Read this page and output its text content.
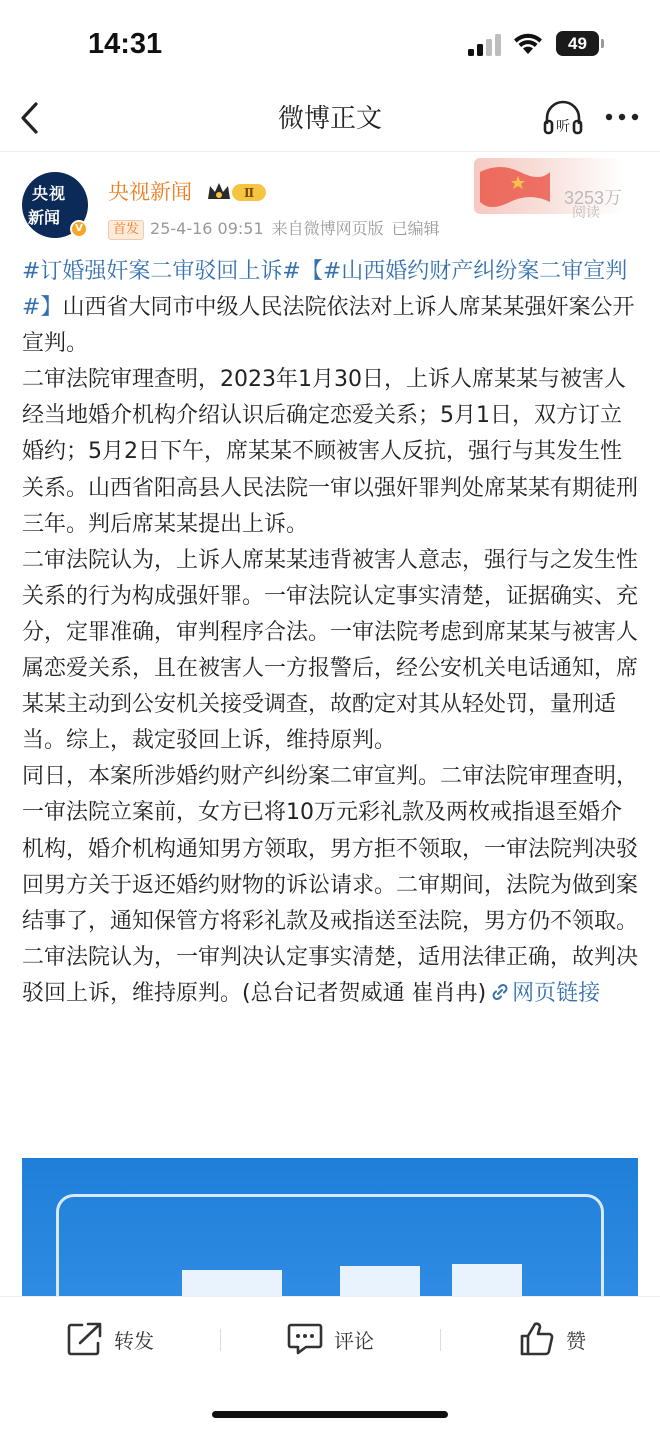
14:31	49
微博正文	听
央视
新闻
V
央视新闻	Ⅱ
首发 25-4-16 09:51 来自微博网页版 已编辑
3253万
阅读

#订婚强奸案二审驳回上诉#【#山西婚约财产纠纷案二审宣判#】山西省大同市中级人民法院依法对上诉人席某某强奸案公开宣判。

二审法院审理查明，2023年1月30日，上诉人席某某与被害人经当地婚介机构介绍认识后确定恋爱关系；5月1日，双方订立婚约；5月2日下午，席某某不顾被害人反抗，强行与其发生性关系。山西省阳高县人民法院一审以强奸罪判处席某某有期徒刑三年。判后席某某提出上诉。

二审法院认为，上诉人席某某违背被害人意志，强行与之发生性关系的行为构成强奸罪。一审法院认定事实清楚，证据确实、充分，定罪准确，审判程序合法。一审法院考虑到席某某与被害人属恋爱关系，且在被害人一方报警后，经公安机关电话通知，席某某主动到公安机关接受调查，故酌定对其从轻处罚，量刑适当。综上，裁定驳回上诉，维持原判。

同日，本案所涉婚约财产纠纷案二审宣判。二审法院审理查明，一审法院立案前，女方已将10万元彩礼款及两枚戒指退至婚介机构，婚介机构通知男方领取，男方拒不领取，一审法院判决驳回男方关于返还婚约财物的诉讼请求。二审期间，法院为做到案结事了，通知保管方将彩礼款及戒指送至法院，男方仍不领取。二审法院认为，一审判决认定事实清楚，适用法律正确，故判决驳回上诉，维持原判。(总台记者贺威通 崔肖冉) 网页链接

转发	评论	赞
